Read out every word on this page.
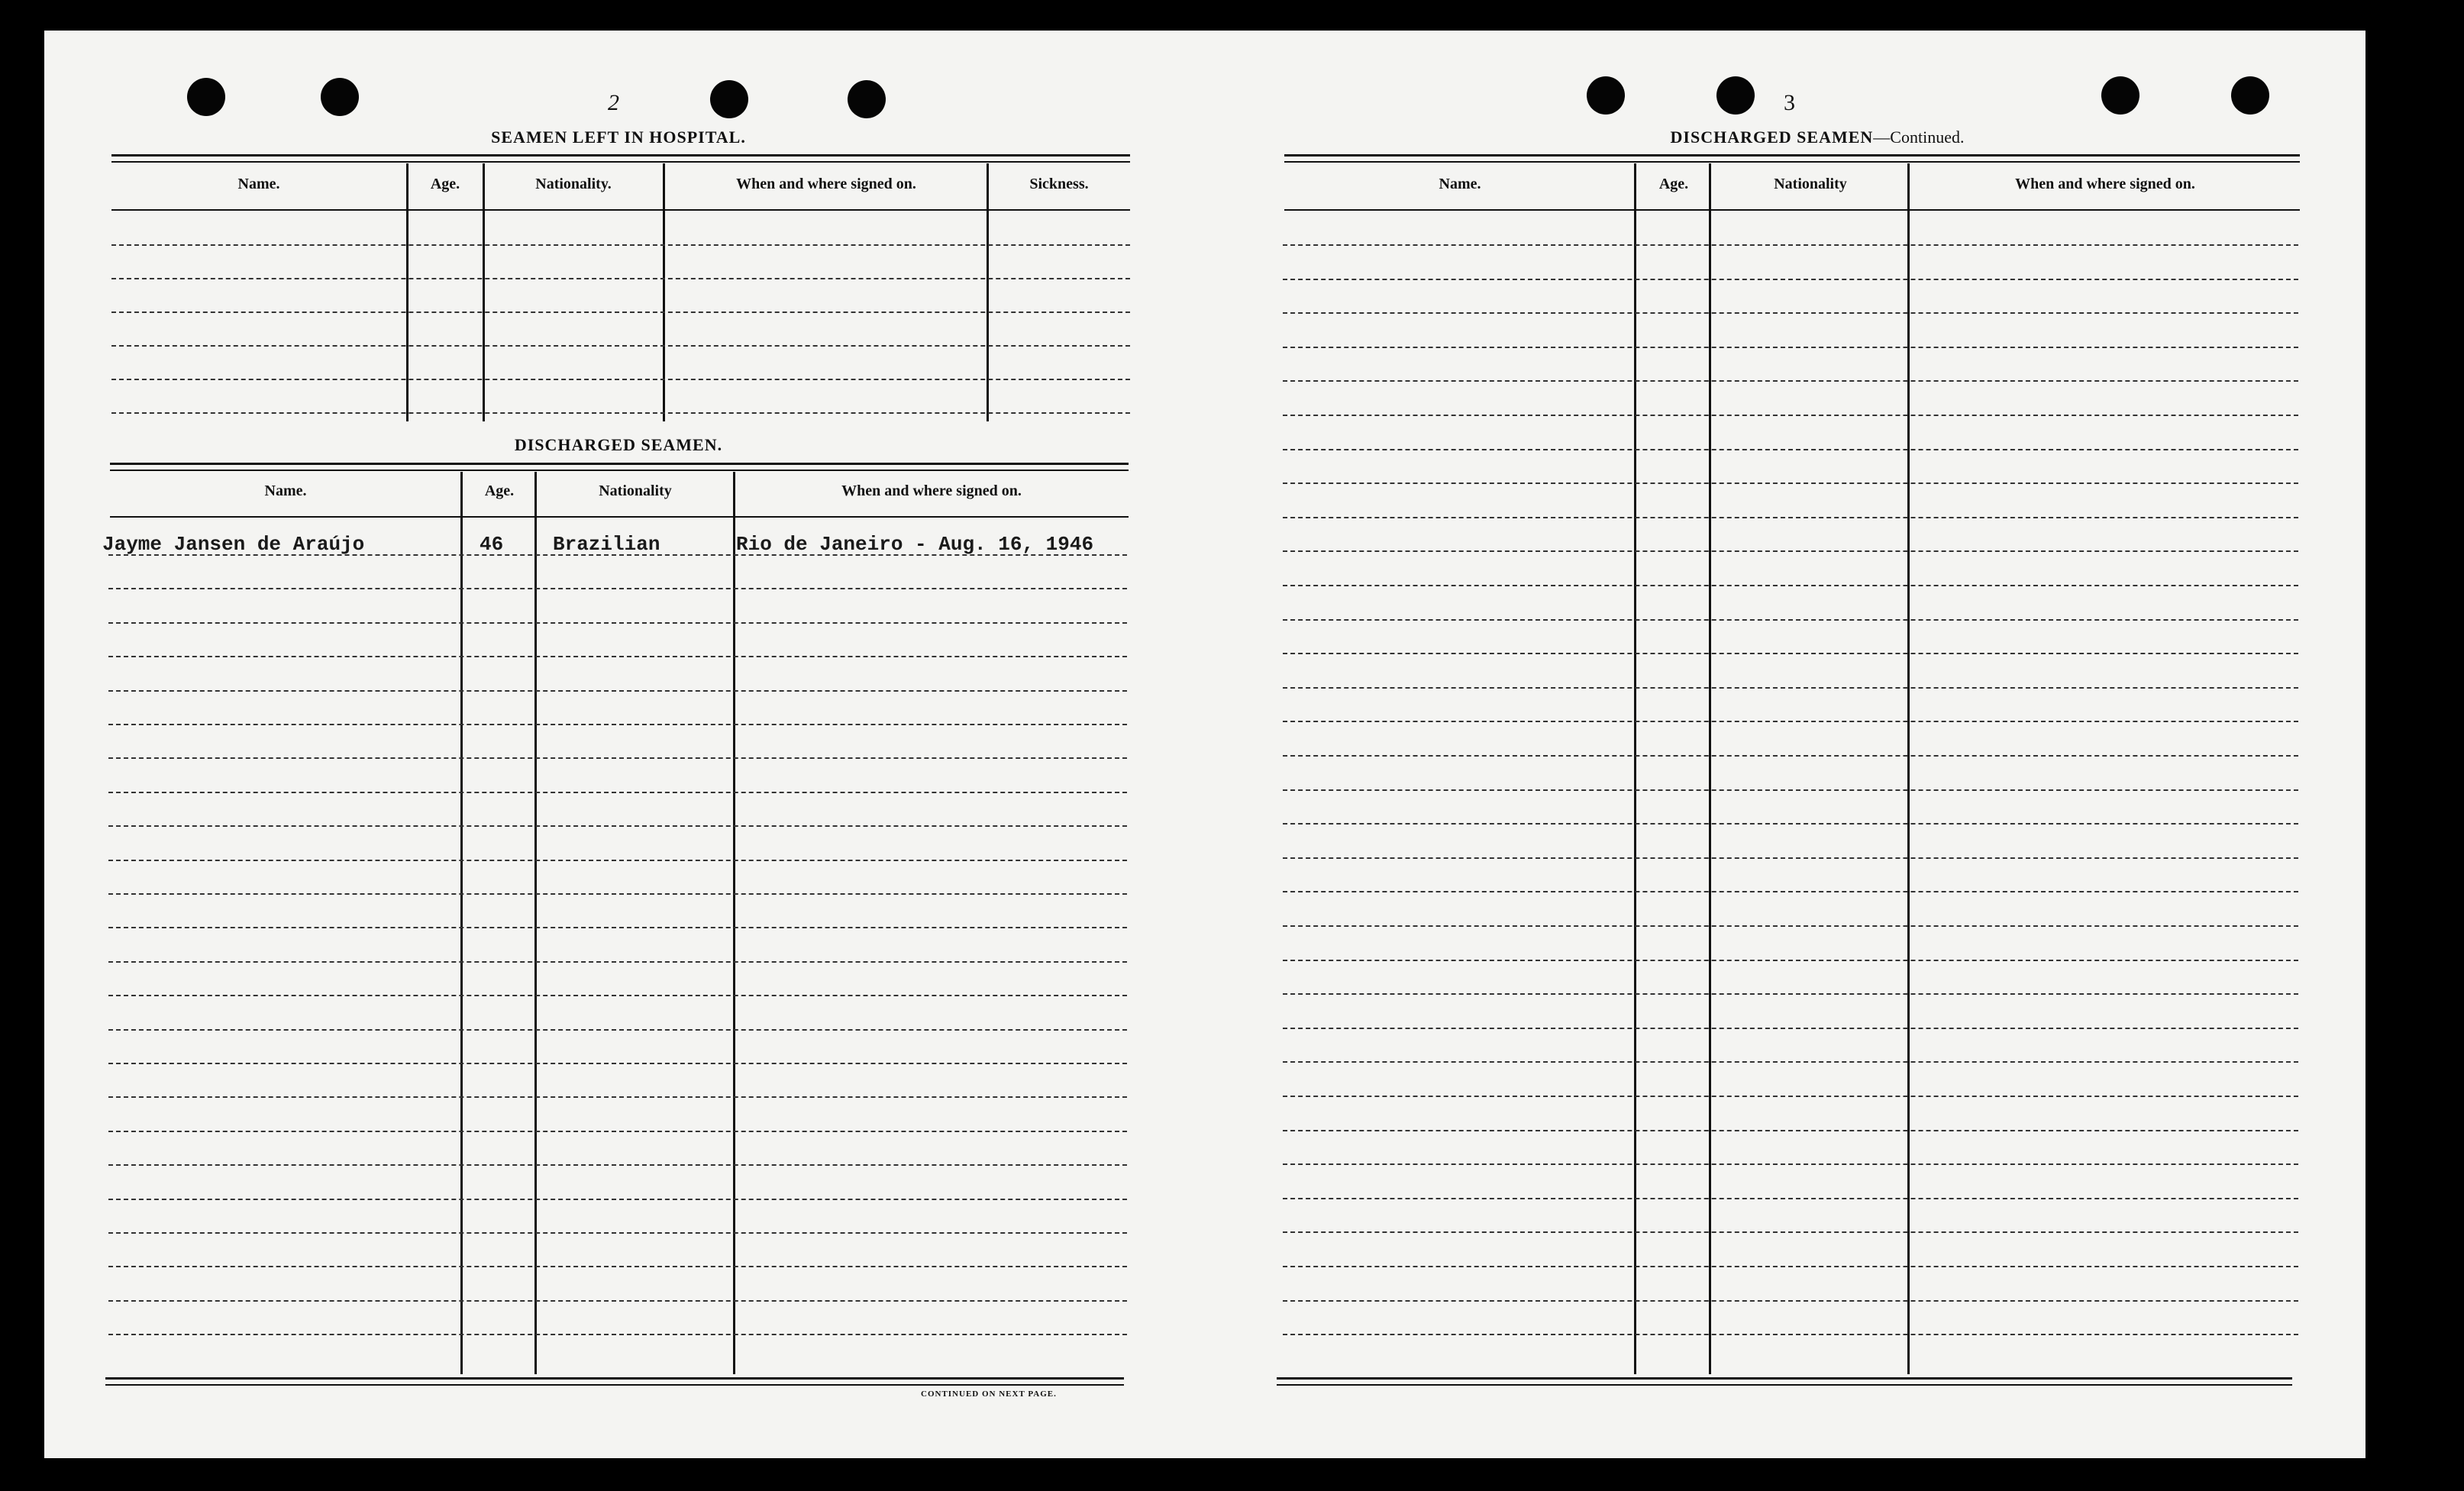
2
SEAMEN LEFT IN HOSPITAL.
Name.	Age.	Nationality.	When and where signed on.	Sickness.
DISCHARGED SEAMEN.
Name.	Age.	Nationality	When and where signed on.
Jayme Jansen de Araújo	46 Brazilian	Rio de Janeiro - Aug. 16, 1946
CONTINUED ON NEXT PAGE.
3
DISCHARGED SEAMEN—Continued.
Name.	Age.	Nationality	When and where signed on.
